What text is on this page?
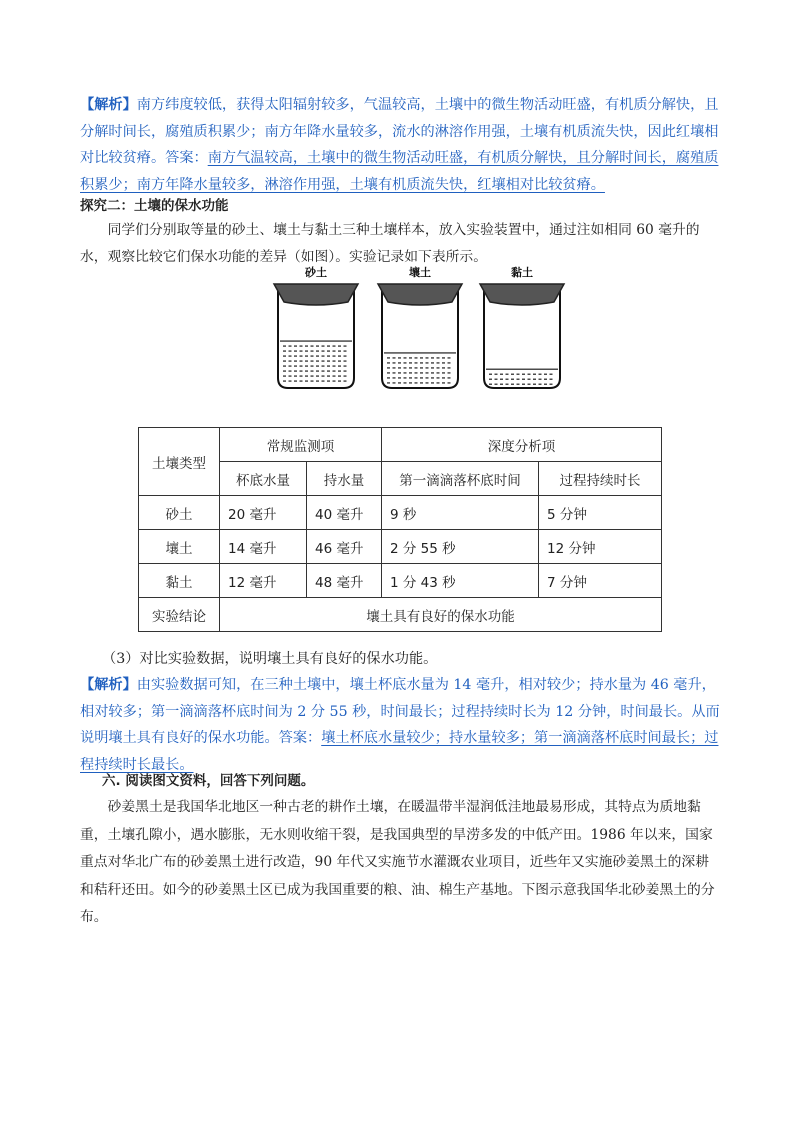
【解析】南方纬度较低，获得太阳辐射较多，气温较高，土壤中的微生物活动旺盛，有机质分解快，且分解时间长，腐殖质积累少；南方年降水量较多，流水的淋溶作用强，土壤有机质流失快，因此红壤相对比较贫瘠。答案：南方气温较高，土壤中的微生物活动旺盛，有机质分解快，且分解时间长，腐殖质积累少；南方年降水量较多，淋溶作用强，土壤有机质流失快，红壤相对比较贫瘠。

探究二：土壤的保水功能

同学们分别取等量的砂土、壤土与黏土三种土壤样本，放入实验装置中，通过注如相同 60 毫升的水，观察比较它们保水功能的差异（如图）。实验记录如下表所示。

砂土	壤土	黏土
土壤类型	常规监测项		深度分析项	
	杯底水量	持水量	第一滴滴落杯底时间	过程持续时长
砂土	20 毫升	40 毫升	9 秒	5 分钟
壤土	14 毫升	46 毫升	2 分 55 秒	12 分钟
黏土	12 毫升	48 毫升	1 分 43 秒	7 分钟
实验结论	壤土具有良好的保水功能			

（3）对比实验数据，说明壤土具有良好的保水功能。

【解析】由实验数据可知，在三种土壤中，壤土杯底水量为 14 毫升，相对较少；持水量为 46 毫升，相对较多；第一滴滴落杯底时间为 2 分 55 秒，时间最长；过程持续时长为 12 分钟，时间最长。从而说明壤土具有良好的保水功能。答案：壤土杯底水量较少；持水量较多；第一滴滴落杯底时间最长；过程持续时长最长。

六. 阅读图文资料，回答下列问题。

砂姜黑土是我国华北地区一种古老的耕作土壤，在暖温带半湿润低洼地最易形成，其特点为质地黏重，土壤孔隙小，遇水膨胀，无水则收缩干裂，是我国典型的旱涝多发的中低产田。1986 年以来，国家重点对华北广布的砂姜黑土进行改造，90 年代又实施节水灌溉农业项目，近些年又实施砂姜黑土的深耕和秸秆还田。如今的砂姜黑土区已成为我国重要的粮、油、棉生产基地。下图示意我国华北砂姜黑土的分布。
